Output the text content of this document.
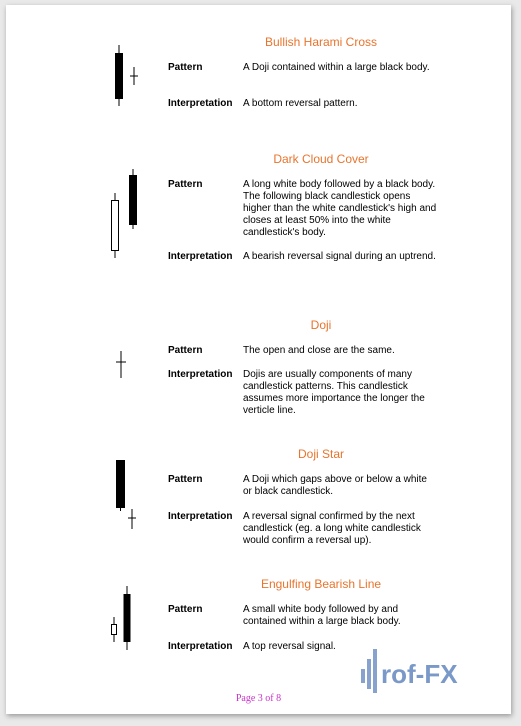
Bullish Harami Cross
Pattern	A Doji contained within a large black body.
Interpretation A bottom reversal pattern.
Dark Cloud Cover
Pattern	A long white body followed by a black body. The following black candlestick opens higher than the white candlestick's high and closes at least 50% into the white candlestick's body.
Interpretation A bearish reversal signal during an uptrend.
Doji
Pattern	The open and close are the same.
Interpretation Dojis are usually components of many candlestick patterns. This candlestick assumes more importance the longer the verticle line.
Doji Star
Pattern	A Doji which gaps above or below a white or black candlestick.
Interpretation A reversal signal confirmed by the next candlestick (eg. a long white candlestick would confirm a reversal up).
Engulfing Bearish Line
Pattern	A small white body followed by and contained within a large black body.
Interpretation A top reversal signal.
Page 3 of 8
rof-FX
